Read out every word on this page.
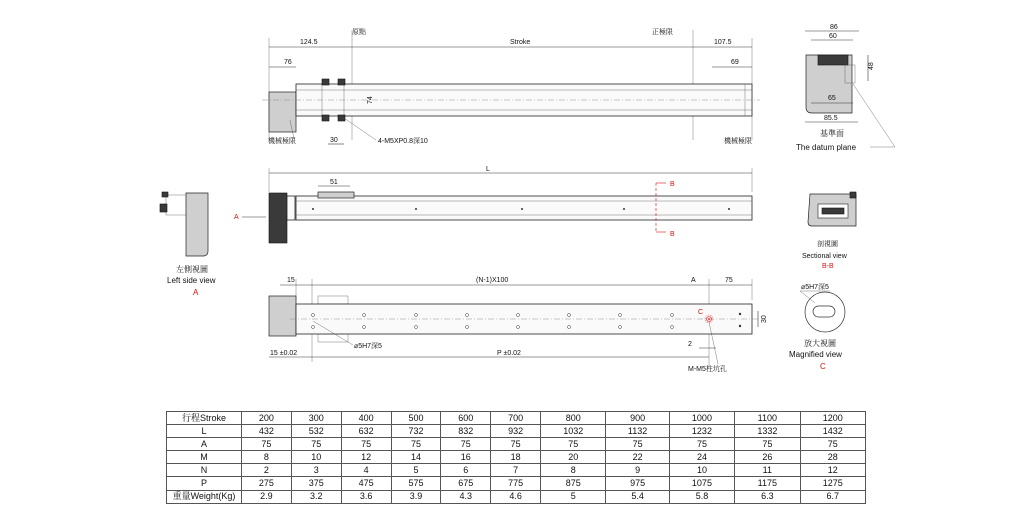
124.5
原點
Stroke
正極限
107.5
76	69
74
30	4-M5XP0.8深10
機械極限	機械極限
86
60
48
65
85.5
基準面
The datum plane
L
51
A
B
B
左側視圖
Left side view
A
剖視圖
Sectional view
B-B
15	(N-1)X100	A	75
C
30
⌀5H7深5
15 ±0.02	P ±0.02
2
M-M5柱坑孔
⌀5H7深5
放大視圖
Magnified view
C
行程Stroke	200	300	400	500	600	700	800	900	1000	1100	1200
L	432	532	632	732	832	932	1032	1132	1232	1332	1432
A	75	75	75	75	75	75	75	75	75	75	75
M	8	10	12	14	16	18	20	22	24	26	28
N	2	3	4	5	6	7	8	9	10	11	12
P	275	375	475	575	675	775	875	975	1075	1175	1275
重量Weight(Kg)	2.9	3.2	3.6	3.9	4.3	4.6	5	5.4	5.8	6.3	6.7
